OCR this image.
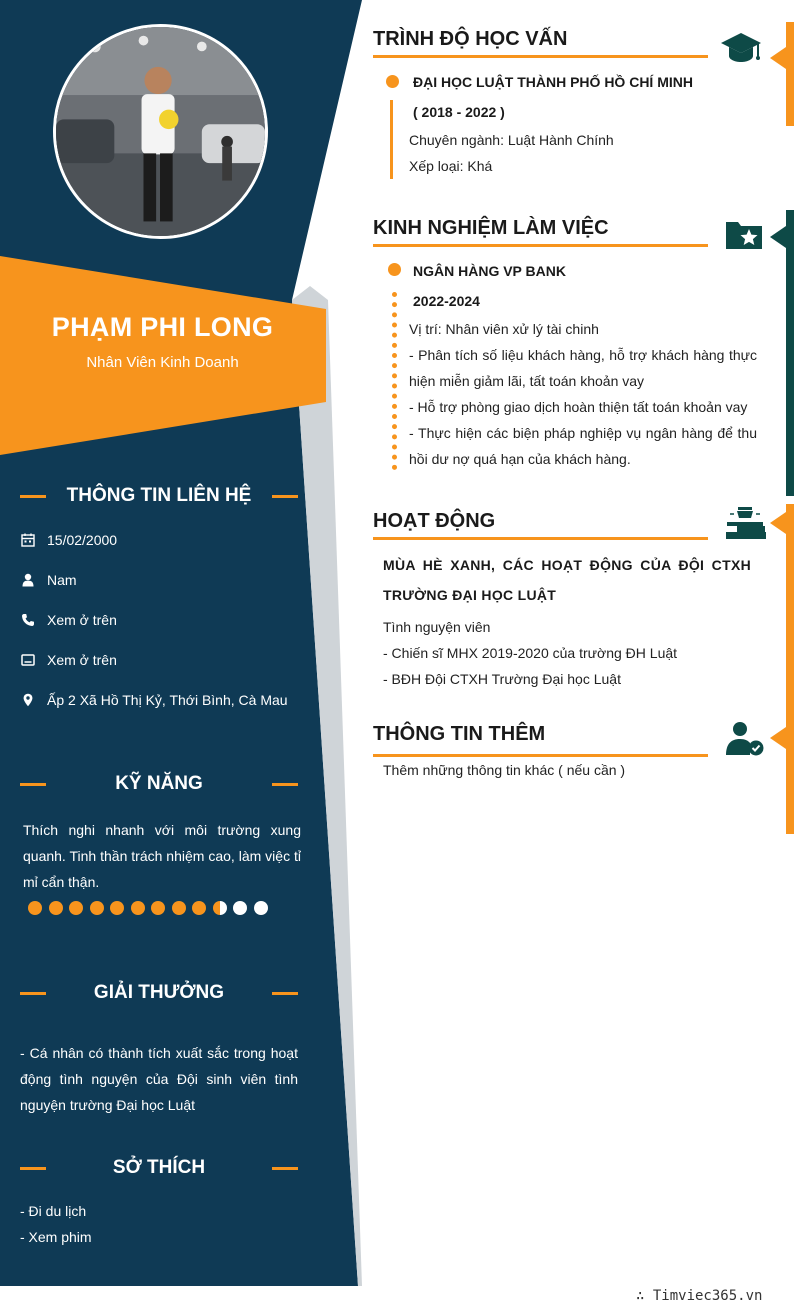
PHẠM PHI LONG
Nhân Viên Kinh Doanh
THÔNG TIN LIÊN HỆ
15/02/2000
Nam
Xem ở trên
Xem ở trên
Ấp 2 Xã Hồ Thị Kỷ, Thới Bình, Cà Mau
KỸ NĂNG
Thích nghi nhanh với môi trường xung quanh. Tinh thần trách nhiệm cao, làm việc tỉ mỉ cẩn thận.
GIẢI THƯỞNG
- Cá nhân có thành tích xuất sắc trong hoạt động tình nguyện của Đội sinh viên tình nguyện trường Đại học Luật
SỞ THÍCH
- Đi du lịch
- Xem phim
TRÌNH ĐỘ HỌC VẤN
ĐẠI HỌC LUẬT THÀNH PHỐ HỒ CHÍ MINH
( 2018 - 2022 )
Chuyên ngành: Luật Hành Chính
Xếp loại: Khá
KINH NGHIỆM LÀM VIỆC
NGÂN HÀNG VP BANK
2022-2024
Vị trí: Nhân viên xử lý tài chinh
- Phân tích số liệu khách hàng, hỗ trợ khách hàng thực hiện miễn giảm lãi, tất toán khoản vay
- Hỗ trợ phòng giao dịch hoàn thiện tất toán khoản vay
- Thực hiện các biện pháp nghiệp vụ ngân hàng để thu hồi dư nợ quá hạn của khách hàng.
HOẠT ĐỘNG
MÙA HÈ XANH, CÁC HOẠT ĐỘNG CỦA ĐỘI CTXH TRƯỜNG ĐẠI HỌC LUẬT
Tình nguyện viên
- Chiến sĩ MHX 2019-2020 của trường ĐH Luật
- BĐH Đội CTXH Trường Đại học Luật
THÔNG TIN THÊM
Thêm những thông tin khác ( nếu cần )
∴ Timviec365.vn
